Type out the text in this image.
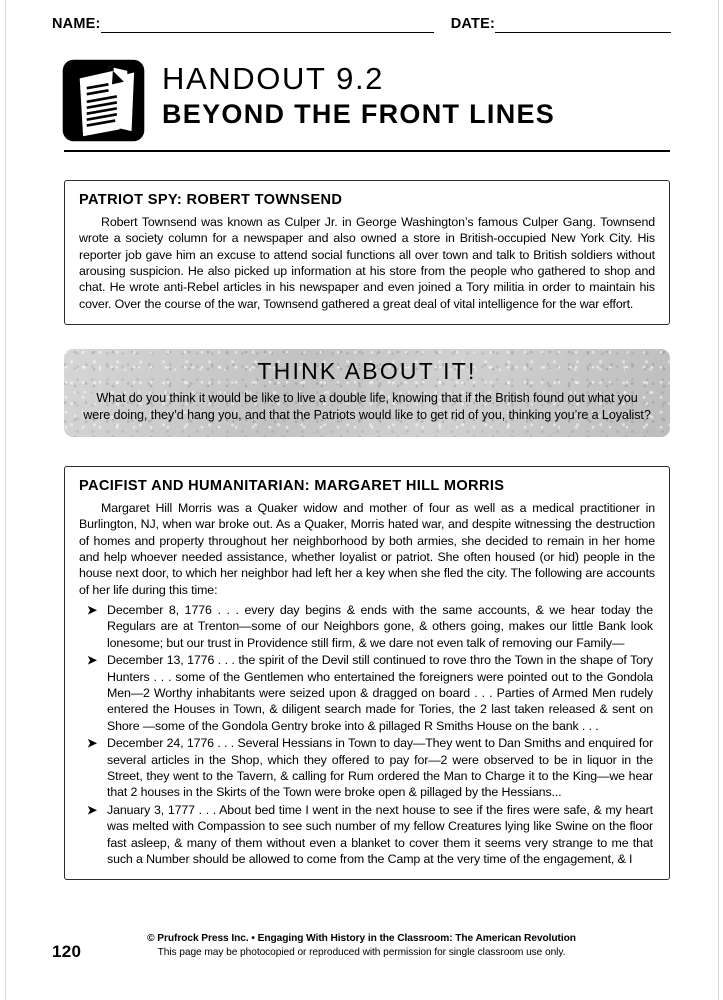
NAME:	DATE:
HANDOUT 9.2
BEYOND THE FRONT LINES
PATRIOT SPY: ROBERT TOWNSEND

Robert Townsend was known as Culper Jr. in George Washington’s famous Culper Gang. Townsend wrote a society column for a newspaper and also owned a store in British-occupied New York City. His reporter job gave him an excuse to attend social functions all over town and talk to British soldiers without arousing suspicion. He also picked up information at his store from the people who gathered to shop and chat. He wrote anti-Rebel articles in his newspaper and even joined a Tory militia in order to maintain his cover. Over the course of the war, Townsend gathered a great deal of vital intelligence for the war effort.

THINK ABOUT IT!
What do you think it would be like to live a double life, knowing that if the British found out what you were doing, they’d hang you, and that the Patriots would like to get rid of you, thinking you’re a Loyalist?
PACIFIST AND HUMANITARIAN: MARGARET HILL MORRIS

Margaret Hill Morris was a Quaker widow and mother of four as well as a medical practitioner in Burlington, NJ, when war broke out. As a Quaker, Morris hated war, and despite witnessing the destruction of homes and property throughout her neighborhood by both armies, she decided to remain in her home and help whoever needed assistance, whether loyalist or patriot. She often housed (or hid) people in the house next door, to which her neighbor had left her a key when she fled the city. The following are accounts of her life during this time:

➤ December 8, 1776 . . . every day begins & ends with the same accounts, & we hear today the Regulars are at Trenton—some of our Neighbors gone, & others going, makes our little Bank look lonesome; but our trust in Providence still firm, & we dare not even talk of removing our Family—
➤ December 13, 1776 . . . the spirit of the Devil still continued to rove thro the Town in the shape of Tory Hunters . . . some of the Gentlemen who entertained the foreigners were pointed out to the Gondola Men—2 Worthy inhabitants were seized upon & dragged on board . . . Parties of Armed Men rudely entered the Houses in Town, & diligent search made for Tories, the 2 last taken released & sent on Shore —some of the Gondola Gentry broke into & pillaged R Smiths House on the bank . . .
➤ December 24, 1776 . . . Several Hessians in Town to day—They went to Dan Smiths and enquired for several articles in the Shop, which they offered to pay for—2 were observed to be in liquor in the Street, they went to the Tavern, & calling for Rum ordered the Man to Charge it to the King—we hear that 2 houses in the Skirts of the Town were broke open & pillaged by the Hessians...
➤ January 3, 1777 . . . About bed time I went in the next house to see if the fires were safe, & my heart was melted with Compassion to see such number of my fellow Creatures lying like Swine on the floor fast asleep, & many of them without even a blanket to cover them it seems very strange to me that such a Number should be allowed to come from the Camp at the very time of the engagement, & I
120
© Prufrock Press Inc. • Engaging With History in the Classroom: The American Revolution
This page may be photocopied or reproduced with permission for single classroom use only.
